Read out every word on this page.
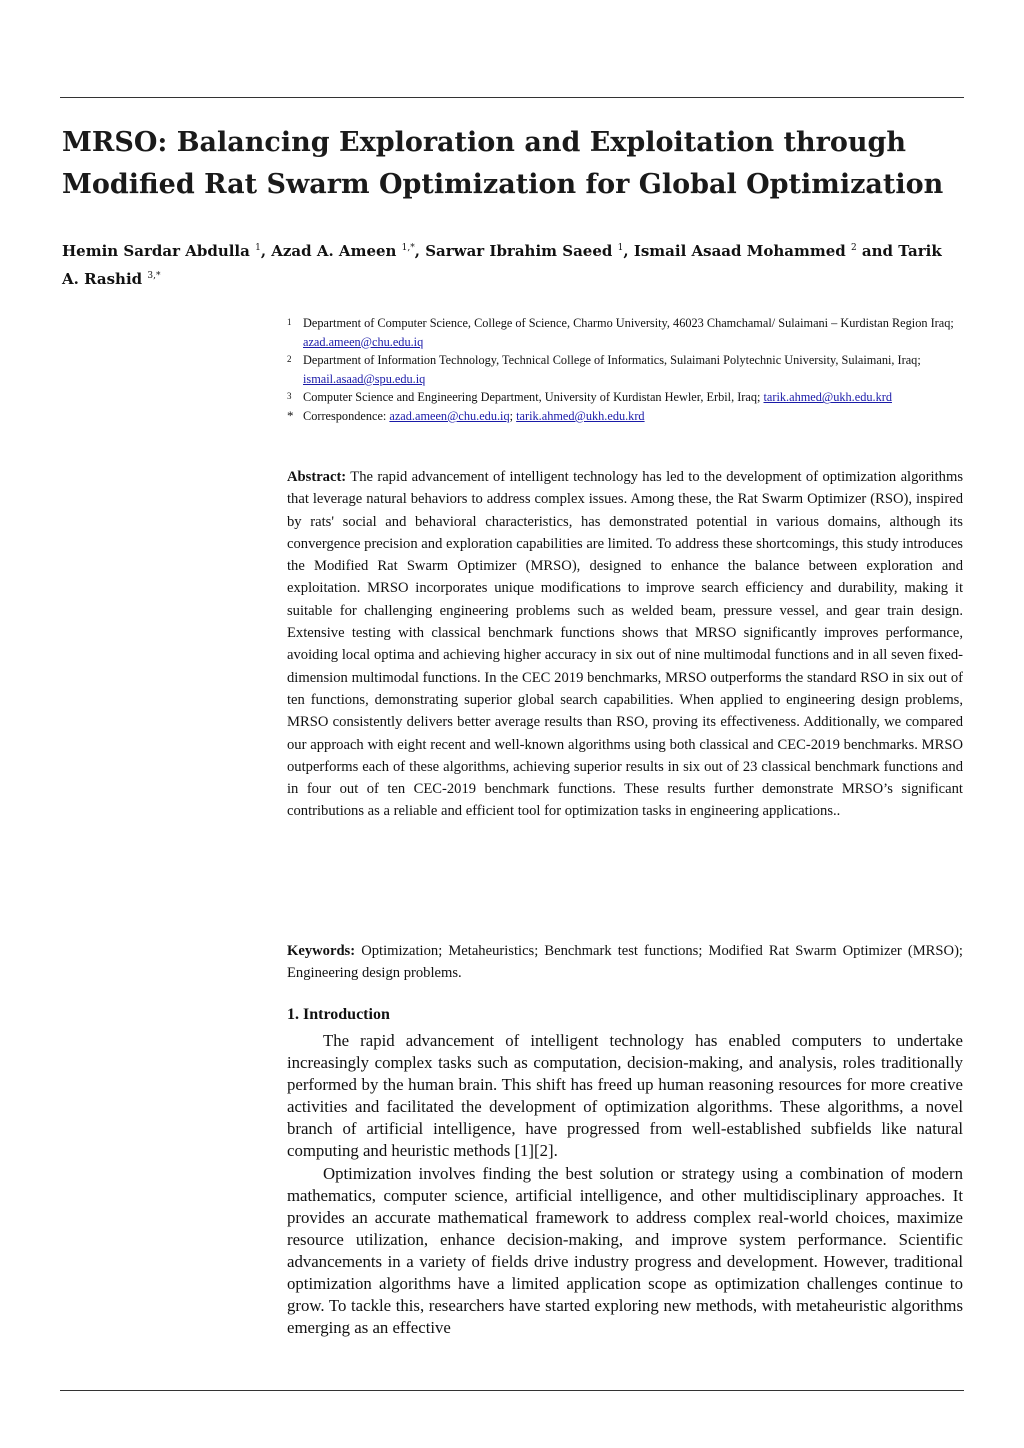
MRSO: Balancing Exploration and Exploitation through Modified Rat Swarm Optimization for Global Optimization

Hemin Sardar Abdulla $^1$, Azad A. Ameen $^{1,*}$, Sarwar Ibrahim Saeed $^1$, Ismail Asaad Mohammed $^2$ and Tarik A. Rashid $^{3,*}$

1 Department of Computer Science, College of Science, Charmo University, 46023 Chamchamal/ Sulaimani – Kurdistan Region Iraq; azad.ameen@chu.edu.iq
2 Department of Information Technology, Technical College of Informatics, Sulaimani Polytechnic University, Sulaimani, Iraq; ismail.asaad@spu.edu.iq
3 Computer Science and Engineering Department, University of Kurdistan Hewler, Erbil, Iraq; tarik.ahmed@ukh.edu.krd
* Correspondence: azad.ameen@chu.edu.iq; tarik.ahmed@ukh.edu.krd

Abstract: The rapid advancement of intelligent technology has led to the development of optimization algorithms that leverage natural behaviors to address complex issues. Among these, the Rat Swarm Optimizer (RSO), inspired by rats' social and behavioral characteristics, has demonstrated potential in various domains, although its convergence precision and exploration capabilities are limited. To address these shortcomings, this study introduces the Modified Rat Swarm Optimizer (MRSO), designed to enhance the balance between exploration and exploitation. MRSO incorporates unique modifications to improve search efficiency and durability, making it suitable for challenging engineering problems such as welded beam, pressure vessel, and gear train design. Extensive testing with classical benchmark functions shows that MRSO significantly improves performance, avoiding local optima and achieving higher accuracy in six out of nine multimodal functions and in all seven fixed-dimension multimodal functions. In the CEC 2019 benchmarks, MRSO outperforms the standard RSO in six out of ten functions, demonstrating superior global search capabilities. When applied to engineering design problems, MRSO consistently delivers better average results than RSO, proving its effectiveness. Additionally, we compared our approach with eight recent and well-known algorithms using both classical and CEC-2019 benchmarks. MRSO outperforms each of these algorithms, achieving superior results in six out of 23 classical benchmark functions and in four out of ten CEC-2019 benchmark functions. These results further demonstrate MRSO’s significant contributions as a reliable and efficient tool for optimization tasks in engineering applications..

Keywords: Optimization; Metaheuristics; Benchmark test functions; Modified Rat Swarm Optimizer (MRSO); Engineering design problems.

1. Introduction

The rapid advancement of intelligent technology has enabled computers to undertake increasingly complex tasks such as computation, decision-making, and analysis, roles traditionally performed by the human brain. This shift has freed up human reasoning resources for more creative activities and facilitated the development of optimization algorithms. These algorithms, a novel branch of artificial intelligence, have progressed from well-established subfields like natural computing and heuristic methods [1][2].

Optimization involves finding the best solution or strategy using a combination of modern mathematics, computer science, artificial intelligence, and other multidisciplinary approaches. It provides an accurate mathematical framework to address complex real-world choices, maximize resource utilization, enhance decision-making, and improve system performance. Scientific advancements in a variety of fields drive industry progress and development. However, traditional optimization algorithms have a limited application scope as optimization challenges continue to grow. To tackle this, researchers have started exploring new methods, with metaheuristic algorithms emerging as an effective
